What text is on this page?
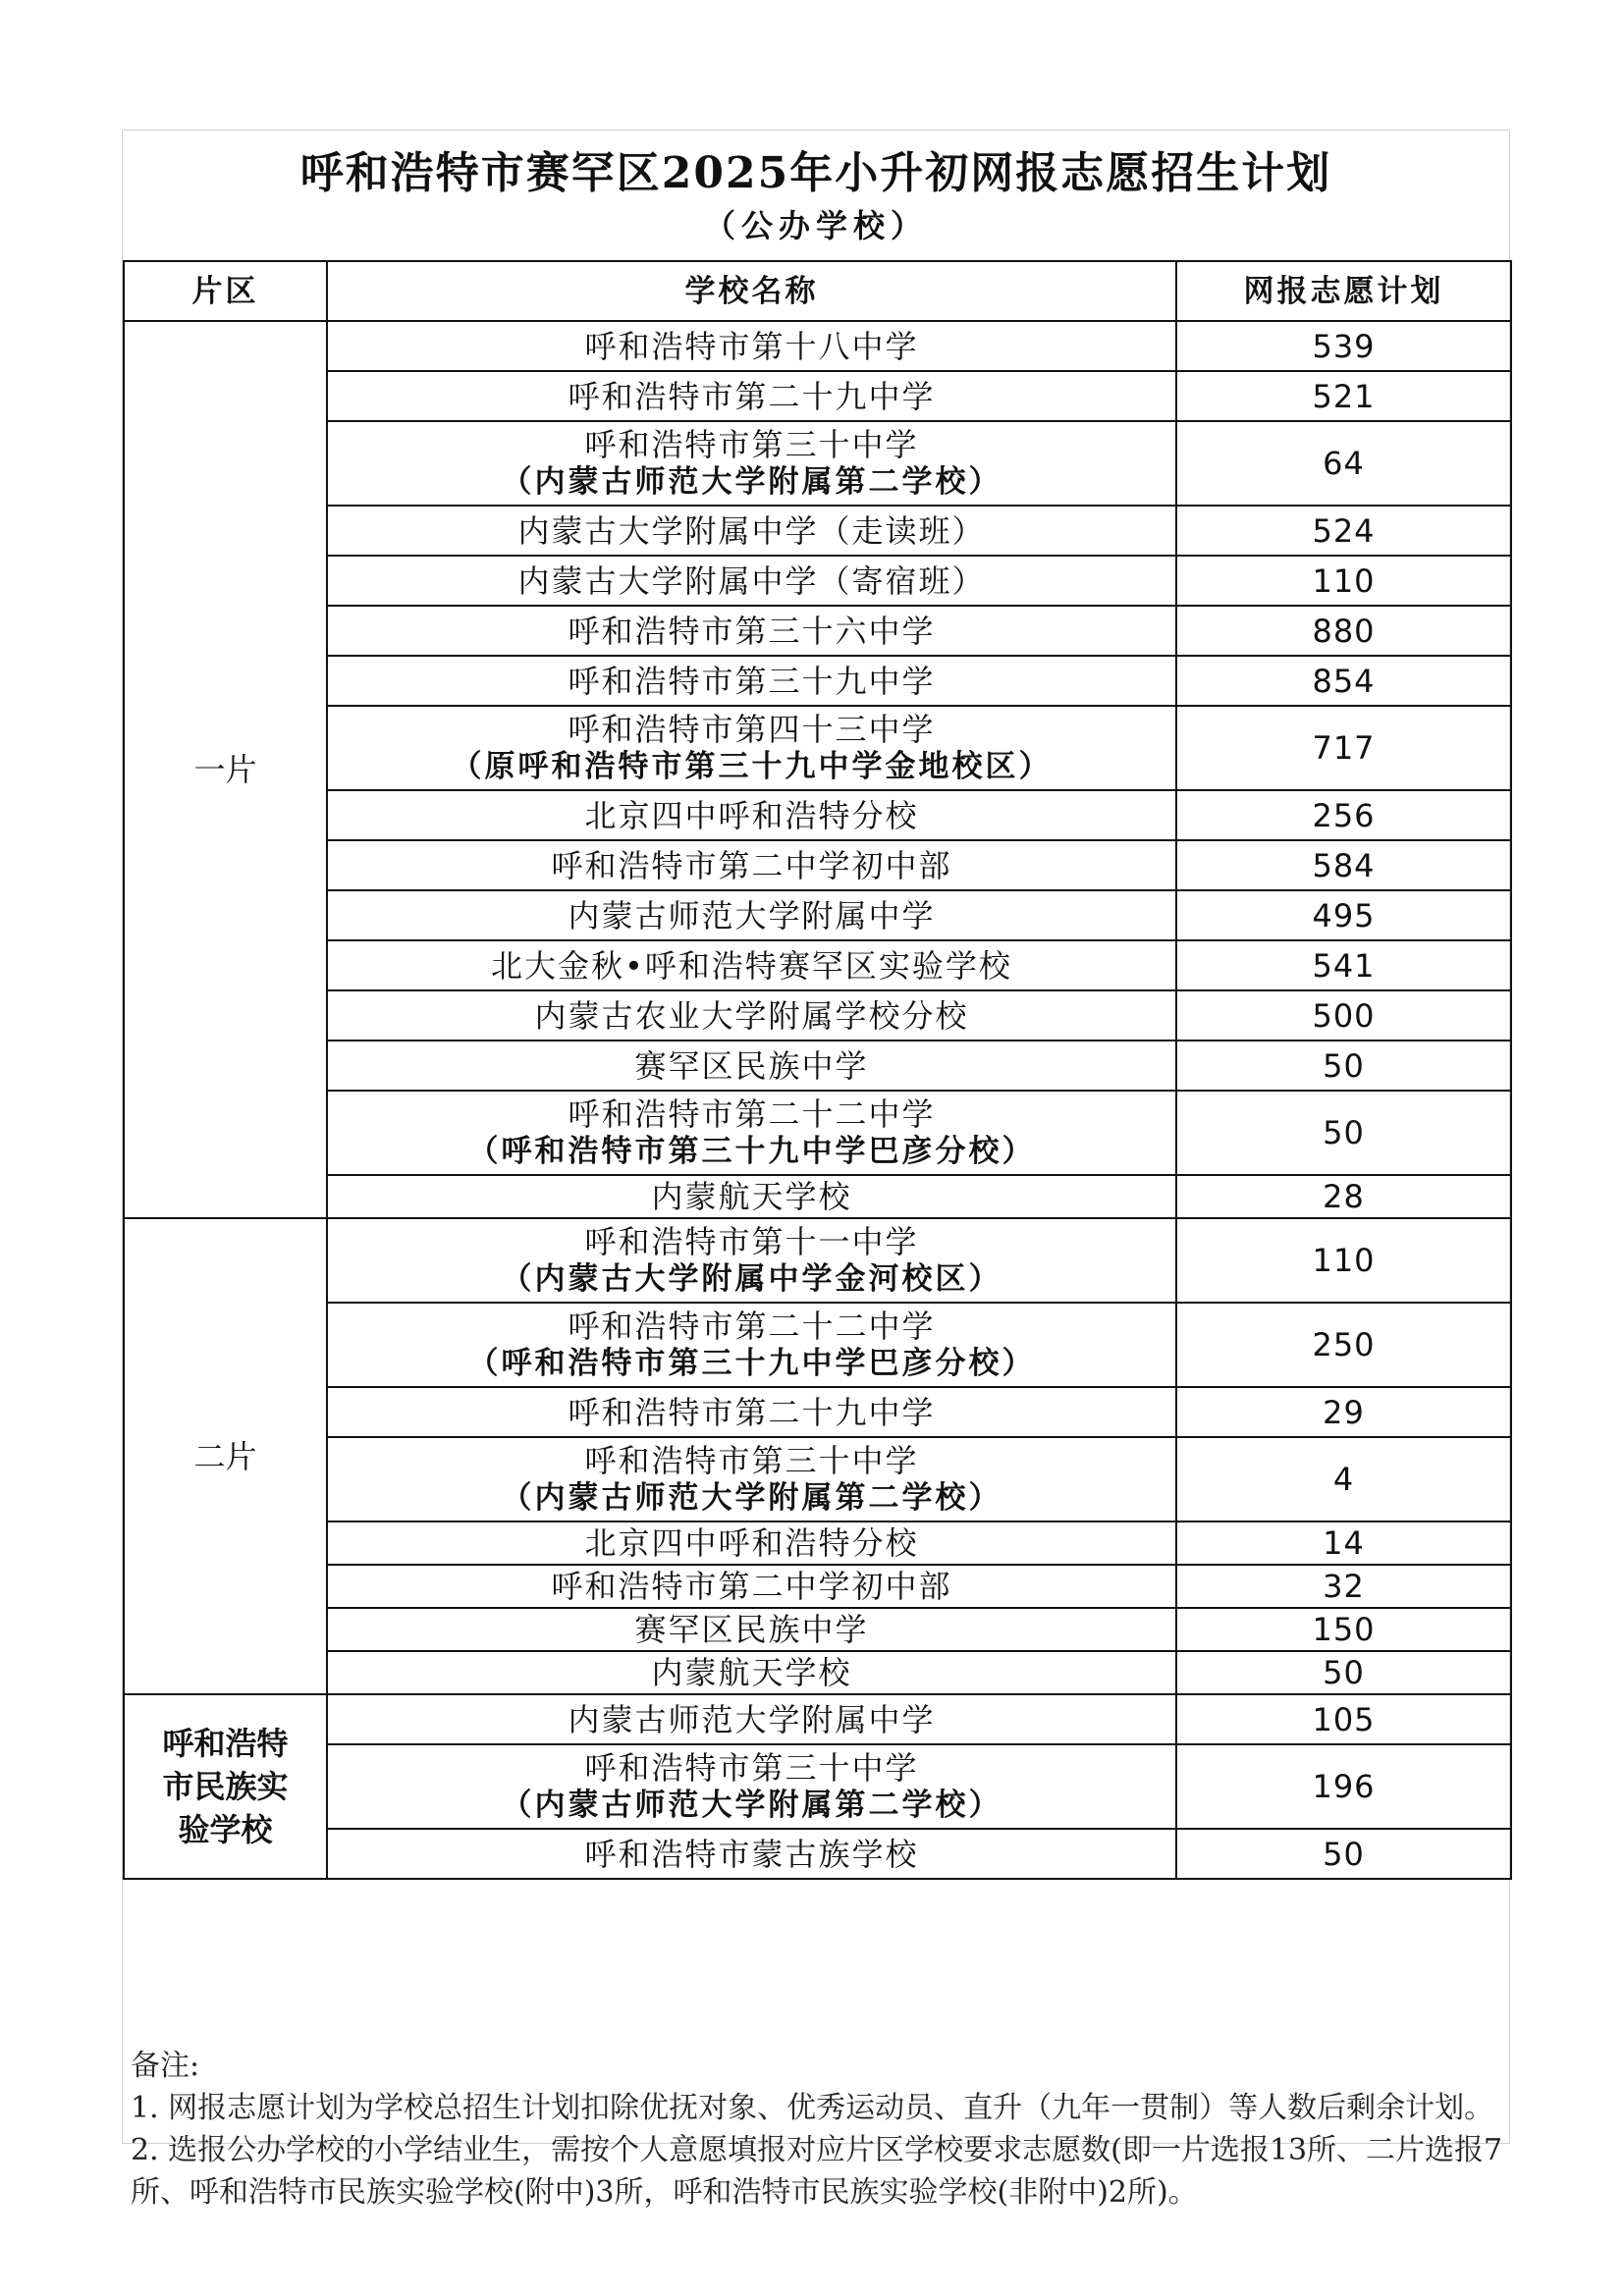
呼和浩特市赛罕区2025年小升初网报志愿招生计划
（公办学校）
片区	学校名称	网报志愿计划
一片	呼和浩特市第十八中学	539

	呼和浩特市第二十九中学	521

	呼和浩特市第三十中学
（内蒙古师范大学附属第二学校）	64

	内蒙古大学附属中学（走读班）	524

	内蒙古大学附属中学（寄宿班）	110

	呼和浩特市第三十六中学	880

	呼和浩特市第三十九中学	854

	呼和浩特市第四十三中学
（原呼和浩特市第三十九中学金地校区）	717

	北京四中呼和浩特分校	256

	呼和浩特市第二中学初中部	584

	内蒙古师范大学附属中学	495

	北大金秋•呼和浩特赛罕区实验学校	541

	内蒙古农业大学附属学校分校	500

	赛罕区民族中学	50

	呼和浩特市第二十二中学
（呼和浩特市第三十九中学巴彦分校）	50

	内蒙航天学校	28
二片	呼和浩特市第十一中学
（内蒙古大学附属中学金河校区）	110

	呼和浩特市第二十二中学
（呼和浩特市第三十九中学巴彦分校）	250

	呼和浩特市第二十九中学	29

	呼和浩特市第三十中学
（内蒙古师范大学附属第二学校）	4

	北京四中呼和浩特分校	14

	呼和浩特市第二中学初中部	32

	赛罕区民族中学	150

	内蒙航天学校	50

呼和浩特
市民族实
验学校	内蒙古师范大学附属中学	105

	呼和浩特市第三十中学
（内蒙古师范大学附属第二学校）	196

	呼和浩特市蒙古族学校	50
备注:
1. 网报志愿计划为学校总招生计划扣除优抚对象、优秀运动员、直升（九年一贯制）等人数后剩余计划。
2. 选报公办学校的小学结业生，需按个人意愿填报对应片区学校要求志愿数(即一片选报13所、二片选报7所、呼和浩特市民族实验学校(附中)3所，呼和浩特市民族实验学校(非附中)2所)。
